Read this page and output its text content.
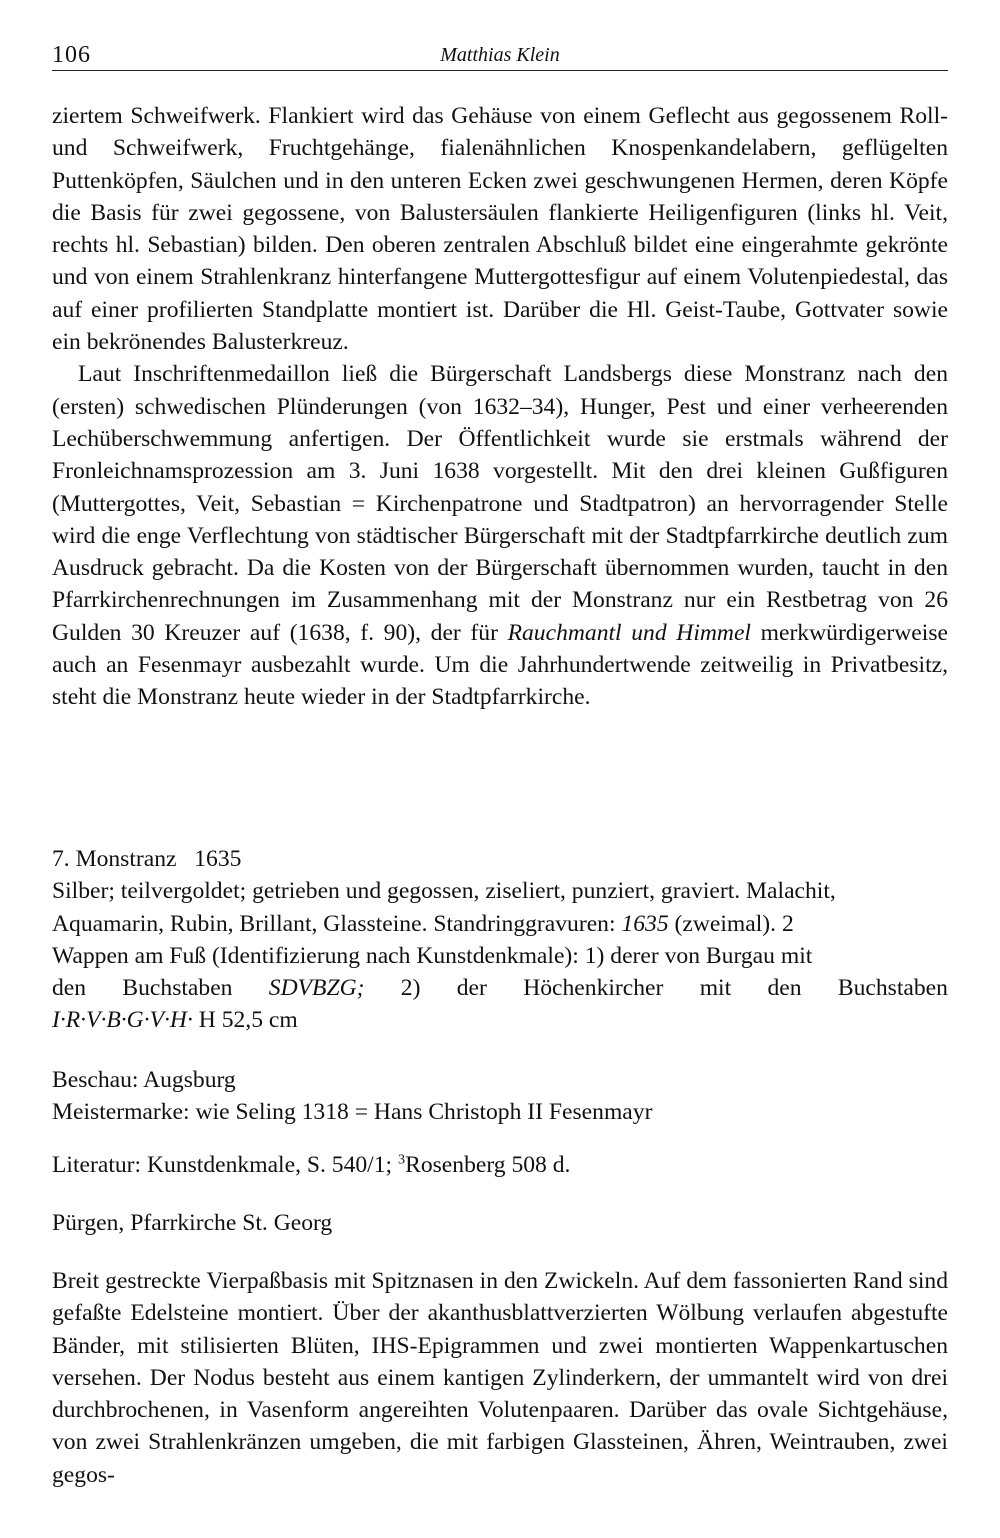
106	Matthias Klein

ziertem Schweifwerk. Flankiert wird das Gehäuse von einem Geflecht aus gegossenem Roll- und Schweifwerk, Fruchtgehänge, fialenähnlichen Knospenkandelabern, geflügelten Puttenköpfen, Säulchen und in den unteren Ecken zwei geschwungenen Hermen, deren Köpfe die Basis für zwei gegossene, von Balustersäulen flankierte Heiligenfiguren (links hl. Veit, rechts hl. Sebastian) bilden. Den oberen zentralen Abschluß bildet eine eingerahmte gekrönte und von einem Strahlenkranz hinterfangene Muttergottesfigur auf einem Volutenpiedestal, das auf einer profilierten Standplatte montiert ist. Darüber die Hl. Geist-Taube, Gottvater sowie ein bekrönendes Balusterkreuz.

Laut Inschriftenmedaillon ließ die Bürgerschaft Landsbergs diese Monstranz nach den (ersten) schwedischen Plünderungen (von 1632–34), Hunger, Pest und einer verheerenden Lechüberschwemmung anfertigen. Der Öffentlichkeit wurde sie erstmals während der Fronleichnamsprozession am 3. Juni 1638 vorgestellt. Mit den drei kleinen Gußfiguren (Muttergottes, Veit, Sebastian = Kirchenpatrone und Stadtpatron) an hervorragender Stelle wird die enge Verflechtung von städtischer Bürgerschaft mit der Stadtpfarrkirche deutlich zum Ausdruck gebracht. Da die Kosten von der Bürgerschaft übernommen wurden, taucht in den Pfarrkirchenrechnungen im Zusammenhang mit der Monstranz nur ein Restbetrag von 26 Gulden 30 Kreuzer auf (1638, f. 90), der für Rauchmantl und Himmel merkwürdigerweise auch an Fesenmayr ausbezahlt wurde. Um die Jahrhundertwende zeitweilig in Privatbesitz, steht die Monstranz heute wieder in der Stadtpfarrkirche.

7. Monstranz 1635
Silber; teilvergoldet; getrieben und gegossen, ziseliert, punziert, graviert. Malachit,
Aquamarin, Rubin, Brillant, Glassteine. Standringgravuren: 1635 (zweimal). 2
Wappen am Fuß (Identifizierung nach Kunstdenkmale): 1) derer von Burgau mit
den Buchstaben SDVBZG; 2) der Höchenkircher mit den Buchstaben
I·R·V·B·G·V·H· H 52,5 cm
Beschau: Augsburg
Meistermarke: wie Seling 1318 = Hans Christoph II Fesenmayr
Literatur: Kunstdenkmale, S. 540/1; $^3$Rosenberg 508 d.
Pürgen, Pfarrkirche St. Georg

Breit gestreckte Vierpaßbasis mit Spitznasen in den Zwickeln. Auf dem fassonierten Rand sind gefaßte Edelsteine montiert. Über der akanthusblattverzierten Wölbung verlaufen abgestufte Bänder, mit stilisierten Blüten, IHS-Epigrammen und zwei montierten Wappenkartuschen versehen. Der Nodus besteht aus einem kantigen Zylinderkern, der ummantelt wird von drei durchbrochenen, in Vasenform angereihten Volutenpaaren. Darüber das ovale Sichtgehäuse, von zwei Strahlenkränzen umgeben, die mit farbigen Glassteinen, Ähren, Weintrauben, zwei gegos-
